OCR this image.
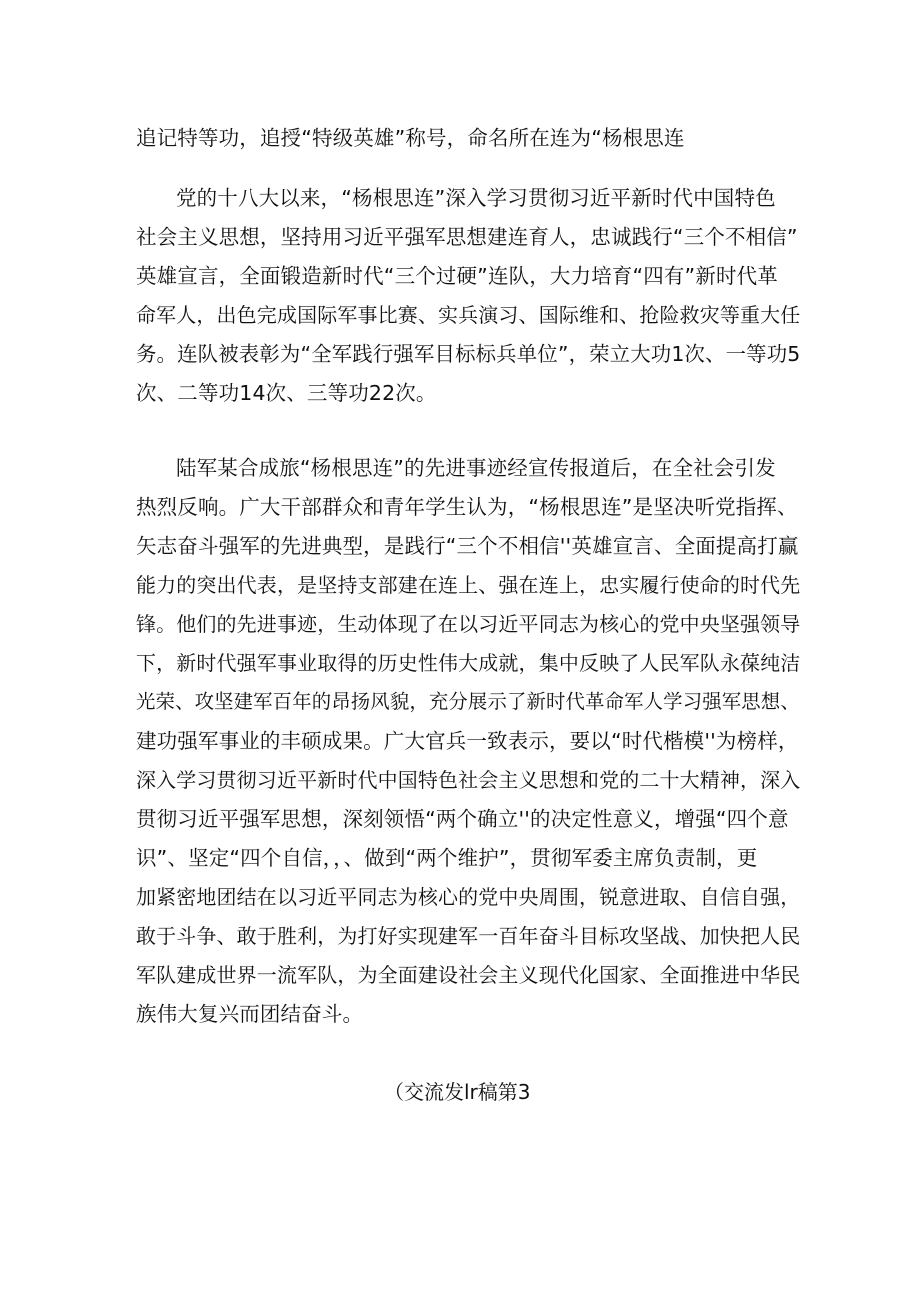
追记特等功，追授“特级英雄”称号，命名所在连为“杨根思连

党的十八大以来，“杨根思连”深入学习贯彻习近平新时代中国特色

社会主义思想，坚持用习近平强军思想建连育人，忠诚践行“三个不相信”

英雄宣言，全面锻造新时代“三个过硬”连队，大力培育“四有”新时代革

命军人，出色完成国际军事比赛、实兵演习、国际维和、抢险救灾等重大任

务。连队被表彰为“全军践行强军目标标兵单位”，荣立大功1次、一等功5

次、二等功14次、三等功22次。

陆军某合成旅“杨根思连”的先进事迹经宣传报道后，在全社会引发

热烈反响。广大干部群众和青年学生认为，“杨根思连”是坚决听党指挥、

矢志奋斗强军的先进典型，是践行“三个不相信''英雄宣言、全面提高打赢

能力的突出代表，是坚持支部建在连上、强在连上，忠实履行使命的时代先

锋。他们的先进事迹，生动体现了在以习近平同志为核心的党中央坚强领导

下，新时代强军事业取得的历史性伟大成就，集中反映了人民军队永葆纯洁

光荣、攻坚建军百年的昂扬风貌，充分展示了新时代革命军人学习强军思想、

建功强军事业的丰硕成果。广大官兵一致表示，要以“时代楷模''为榜样，

深入学习贯彻习近平新时代中国特色社会主义思想和党的二十大精神，深入

贯彻习近平强军思想，深刻领悟“两个确立''的决定性意义，增强“四个意

识”、坚定“四个自信，，、做到“两个维护”，贯彻军委主席负责制，更

加紧密地团结在以习近平同志为核心的党中央周围，锐意进取、自信自强，

敢于斗争、敢于胜利，为打好实现建军一百年奋斗目标攻坚战、加快把人民

军队建成世界一流军队，为全面建设社会主义现代化国家、全面推进中华民

族伟大复兴而团结奋斗。

（交流发lr稿第3
